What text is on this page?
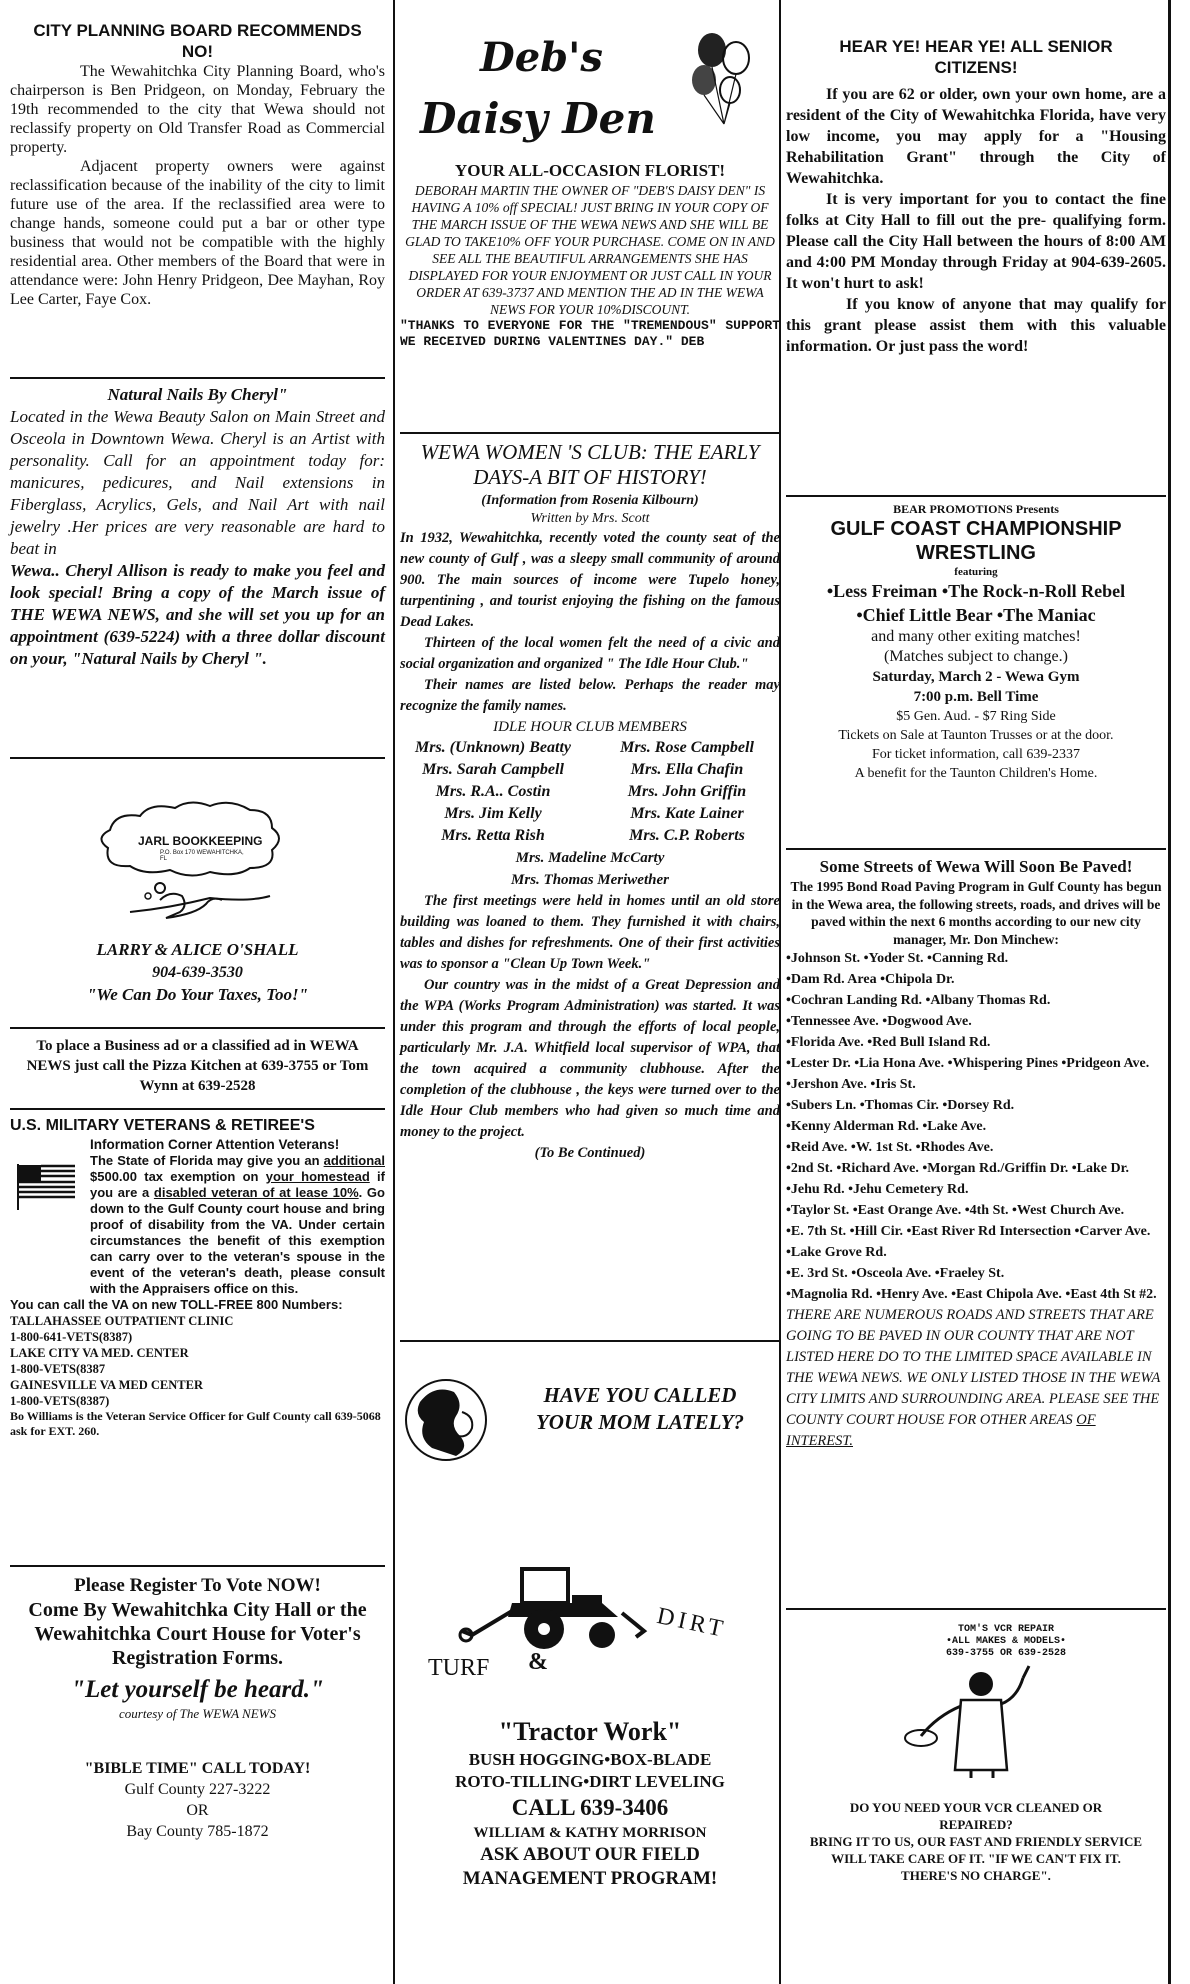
CITY PLANNING BOARD RECOMMENDS NO!

The Wewahitchka City Planning Board, who's chairperson is Ben Pridgeon, on Monday, February the 19th recommended to the city that Wewa should not reclassify property on Old Transfer Road as Commercial property.

Adjacent property owners were against reclassification because of the inability of the city to limit future use of the area. If the reclassified area were to change hands, someone could put a bar or other type business that would not be compatible with the highly residential area. Other members of the Board that were in attendance were: John Henry Pridgeon, Dee Mayhan, Roy Lee Carter, Faye Cox.

Natural Nails By Cheryl"

Located in the Wewa Beauty Salon on Main Street and Osceola in Downtown Wewa. Cheryl is an Artist with personality. Call for an appointment today for: manicures, pedicures, and Nail extensions in Fiberglass, Acrylics, Gels, and Nail Art with nail jewelry .Her prices are very reasonable are hard to beat in

Wewa.. Cheryl Allison is ready to make you feel and look special! Bring a copy of the March issue of THE WEWA NEWS, and she will set you up for an appointment (639-5224) with a three dollar discount on your, "Natural Nails by Cheryl ".

JARL BOOKKEEPING
P.O. Box 170 WEWAHITCHKA, FL
LARRY & ALICE O'SHALL
904-639-3530
"We Can Do Your Taxes, Too!"
To place a Business ad or a classified ad in WEWA NEWS just call the Pizza Kitchen at 639-3755 or Tom Wynn at 639-2528
U.S. MILITARY VETERANS & RETIREE'S
Information Corner Attention Veterans!

The State of Florida may give you an additional $500.00 tax exemption on your homestead if you are a disabled veteran of at lease 10%. Go down to the Gulf County court house and bring proof of disability from the VA. Under certain circumstances the benefit of this exemption can carry over to the veteran's spouse in the event of the veteran's death, please consult with the Appraisers office on this.

You can call the VA on new TOLL-FREE 800 Numbers:
TALLAHASSEE OUTPATIENT CLINIC
1-800-641-VETS(8387)
LAKE CITY VA MED. CENTER
1-800-VETS(8387
GAINESVILLE VA MED CENTER
1-800-VETS(8387)
Bo Williams is the Veteran Service Officer for Gulf County call 639-5068 ask for EXT. 260.
Please Register To Vote NOW!
Come By Wewahitchka City Hall or the Wewahitchka Court House for Voter's Registration Forms.
"Let yourself be heard."
courtesy of The WEWA NEWS
"BIBLE TIME" CALL TODAY!
Gulf County 227-3222
OR
Bay County 785-1872
Deb's
Daisy Den
YOUR ALL-OCCASION FLORIST!

DEBORAH MARTIN THE OWNER OF "DEB'S DAISY DEN" IS HAVING A 10% off SPECIAL! JUST BRING IN YOUR COPY OF THE MARCH ISSUE OF THE WEWA NEWS AND SHE WILL BE GLAD TO TAKE10% OFF YOUR PURCHASE. COME ON IN AND SEE ALL THE BEAUTIFUL ARRANGEMENTS SHE HAS DISPLAYED FOR YOUR ENJOYMENT OR JUST CALL IN YOUR ORDER AT 639-3737 AND MENTION THE AD IN THE WEWA NEWS FOR YOUR 10%DISCOUNT.

"THANKS TO EVERYONE FOR THE "TREMENDOUS" SUPPORT WE RECEIVED DURING VALENTINES DAY." DEB

WEWA WOMEN 'S CLUB: THE EARLY DAYS-A BIT OF HISTORY!
(Information from Rosenia Kilbourn)
Written by Mrs. Scott

In 1932, Wewahitchka, recently voted the county seat of the new county of Gulf , was a sleepy small community of around 900. The main sources of income were Tupelo honey, turpentining , and tourist enjoying the fishing on the famous Dead Lakes.

Thirteen of the local women felt the need of a civic and social organization and organized " The Idle Hour Club."

Their names are listed below. Perhaps the reader may recognize the family names.

IDLE HOUR CLUB MEMBERS
Mrs. (Unknown) Beatty	Mrs. Rose Campbell
Mrs. Sarah Campbell	Mrs. Ella Chafin
Mrs. R.A.. Costin	Mrs. John Griffin
Mrs. Jim Kelly	Mrs. Kate Lainer
Mrs. Retta Rish	Mrs. C.P. Roberts
Mrs. Madeline McCarty
Mrs. Thomas Meriwether

The first meetings were held in homes until an old store building was loaned to them. They furnished it with chairs, tables and dishes for refreshments. One of their first activities was to sponsor a "Clean Up Town Week."

Our country was in the midst of a Great Depression and the WPA (Works Program Administration) was started. It was under this program and through the efforts of local people, particularly Mr. J.A. Whitfield local supervisor of WPA, that the town acquired a community clubhouse. After the completion of the clubhouse , the keys were turned over to the Idle Hour Club members who had given so much time and money to the project.

(To Be Continued)
HAVE YOU CALLED YOUR MOM LATELY?
TURF &
DIRT
"Tractor Work"
BUSH HOGGING•BOX-BLADE
ROTO-TILLING•DIRT LEVELING
CALL 639-3406
WILLIAM & KATHY MORRISON
ASK ABOUT OUR FIELD MANAGEMENT PROGRAM!
HEAR YE! HEAR YE! ALL SENIOR CITIZENS!

If you are 62 or older, own your own home, are a resident of the City of Wewahitchka Florida, have very low income, you may apply for a "Housing Rehabilitation Grant" through the City of Wewahitchka.

It is very important for you to contact the fine folks at City Hall to fill out the pre- qualifying form. Please call the City Hall between the hours of 8:00 AM and 4:00 PM Monday through Friday at 904-639-2605. It won't hurt to ask!

If you know of anyone that may qualify for this grant please assist them with this valuable information. Or just pass the word!

BEAR PROMOTIONS Presents
GULF COAST CHAMPIONSHIP WRESTLING
featuring
•Less Freiman •The Rock-n-Roll Rebel
•Chief Little Bear •The Maniac
and many other exiting matches!
(Matches subject to change.)
Saturday, March 2 - Wewa Gym
7:00 p.m. Bell Time
$5 Gen. Aud. - $7 Ring Side
Tickets on Sale at Taunton Trusses or at the door.
For ticket information, call 639-2337
A benefit for the Taunton Children's Home.
Some Streets of Wewa Will Soon Be Paved!

The 1995 Bond Road Paving Program in Gulf County has begun in the Wewa area, the following streets, roads, and drives will be paved within the next 6 months according to our new city manager, Mr. Don Minchew:

•Johnson St. •Yoder St. •Canning Rd.
•Dam Rd. Area •Chipola Dr.
•Cochran Landing Rd. •Albany Thomas Rd.
•Tennessee Ave. •Dogwood Ave.
•Florida Ave. •Red Bull Island Rd.
•Lester Dr. •Lia Hona Ave. •Whispering Pines •Pridgeon Ave. •Jershon Ave. •Iris St.
•Subers Ln. •Thomas Cir. •Dorsey Rd.
•Kenny Alderman Rd. •Lake Ave.
•Reid Ave. •W. 1st St. •Rhodes Ave.
•2nd St. •Richard Ave. •Morgan Rd./Griffin Dr. •Lake Dr. •Jehu Rd. •Jehu Cemetery Rd.
•Taylor St. •East Orange Ave. •4th St. •West Church Ave.
•E. 7th St. •Hill Cir. •East River Rd Intersection •Carver Ave. •Lake Grove Rd.
•E. 3rd St. •Osceola Ave. •Fraeley St.
•Magnolia Rd. •Henry Ave. •East Chipola Ave. •East 4th St #2.

THERE ARE NUMEROUS ROADS AND STREETS THAT ARE GOING TO BE PAVED IN OUR COUNTY THAT ARE NOT LISTED HERE DO TO THE LIMITED SPACE AVAILABLE IN THE WEWA NEWS. WE ONLY LISTED THOSE IN THE WEWA CITY LIMITS AND SURROUNDING AREA. PLEASE SEE THE COUNTY COURT HOUSE FOR OTHER AREAS OF INTEREST.

TOM'S VCR REPAIR
•ALL MAKES & MODELS•
639-3755 OR 639-2528
DO YOU NEED YOUR VCR CLEANED OR REPAIRED?
BRING IT TO US, OUR FAST AND FRIENDLY SERVICE WILL TAKE CARE OF IT. "IF WE CAN'T FIX IT. THERE'S NO CHARGE".
